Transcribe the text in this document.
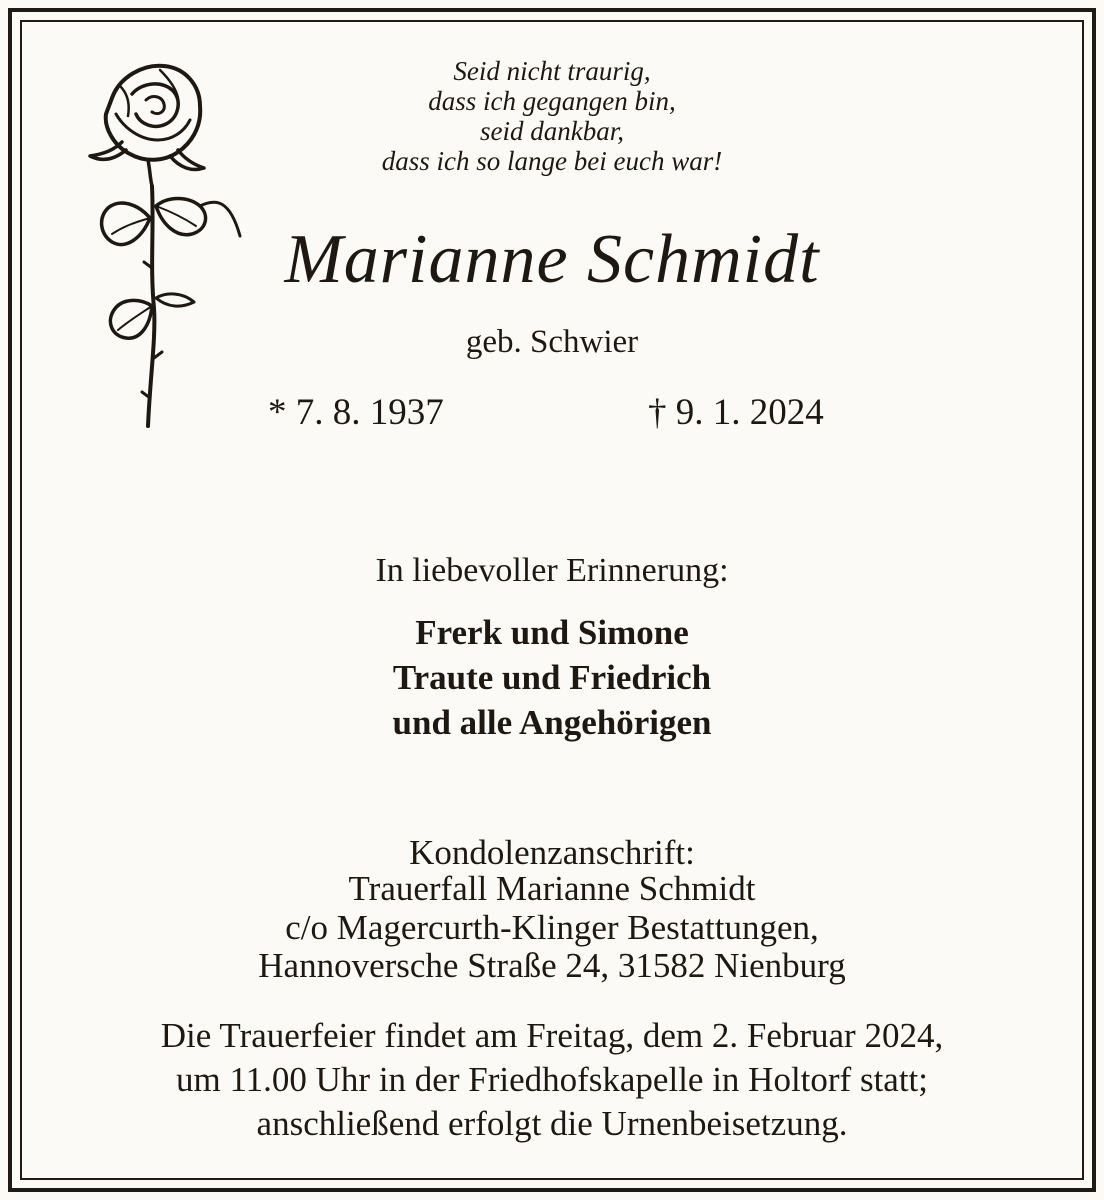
Seid nicht traurig,
dass ich gegangen bin,
seid dankbar,
dass ich so lange bei euch war!
Marianne Schmidt
geb. Schwier
* 7. 8. 1937	† 9. 1. 2024
In liebevoller Erinnerung:
Frerk und Simone
Traute und Friedrich
und alle Angehörigen
Kondolenzanschrift:
Trauerfall Marianne Schmidt
c/o Magercurth-Klinger Bestattungen,
Hannoversche Straße 24, 31582 Nienburg
Die Trauerfeier findet am Freitag, dem 2. Februar 2024,
um 11.00 Uhr in der Friedhofskapelle in Holtorf statt;
anschließend erfolgt die Urnenbeisetzung.
